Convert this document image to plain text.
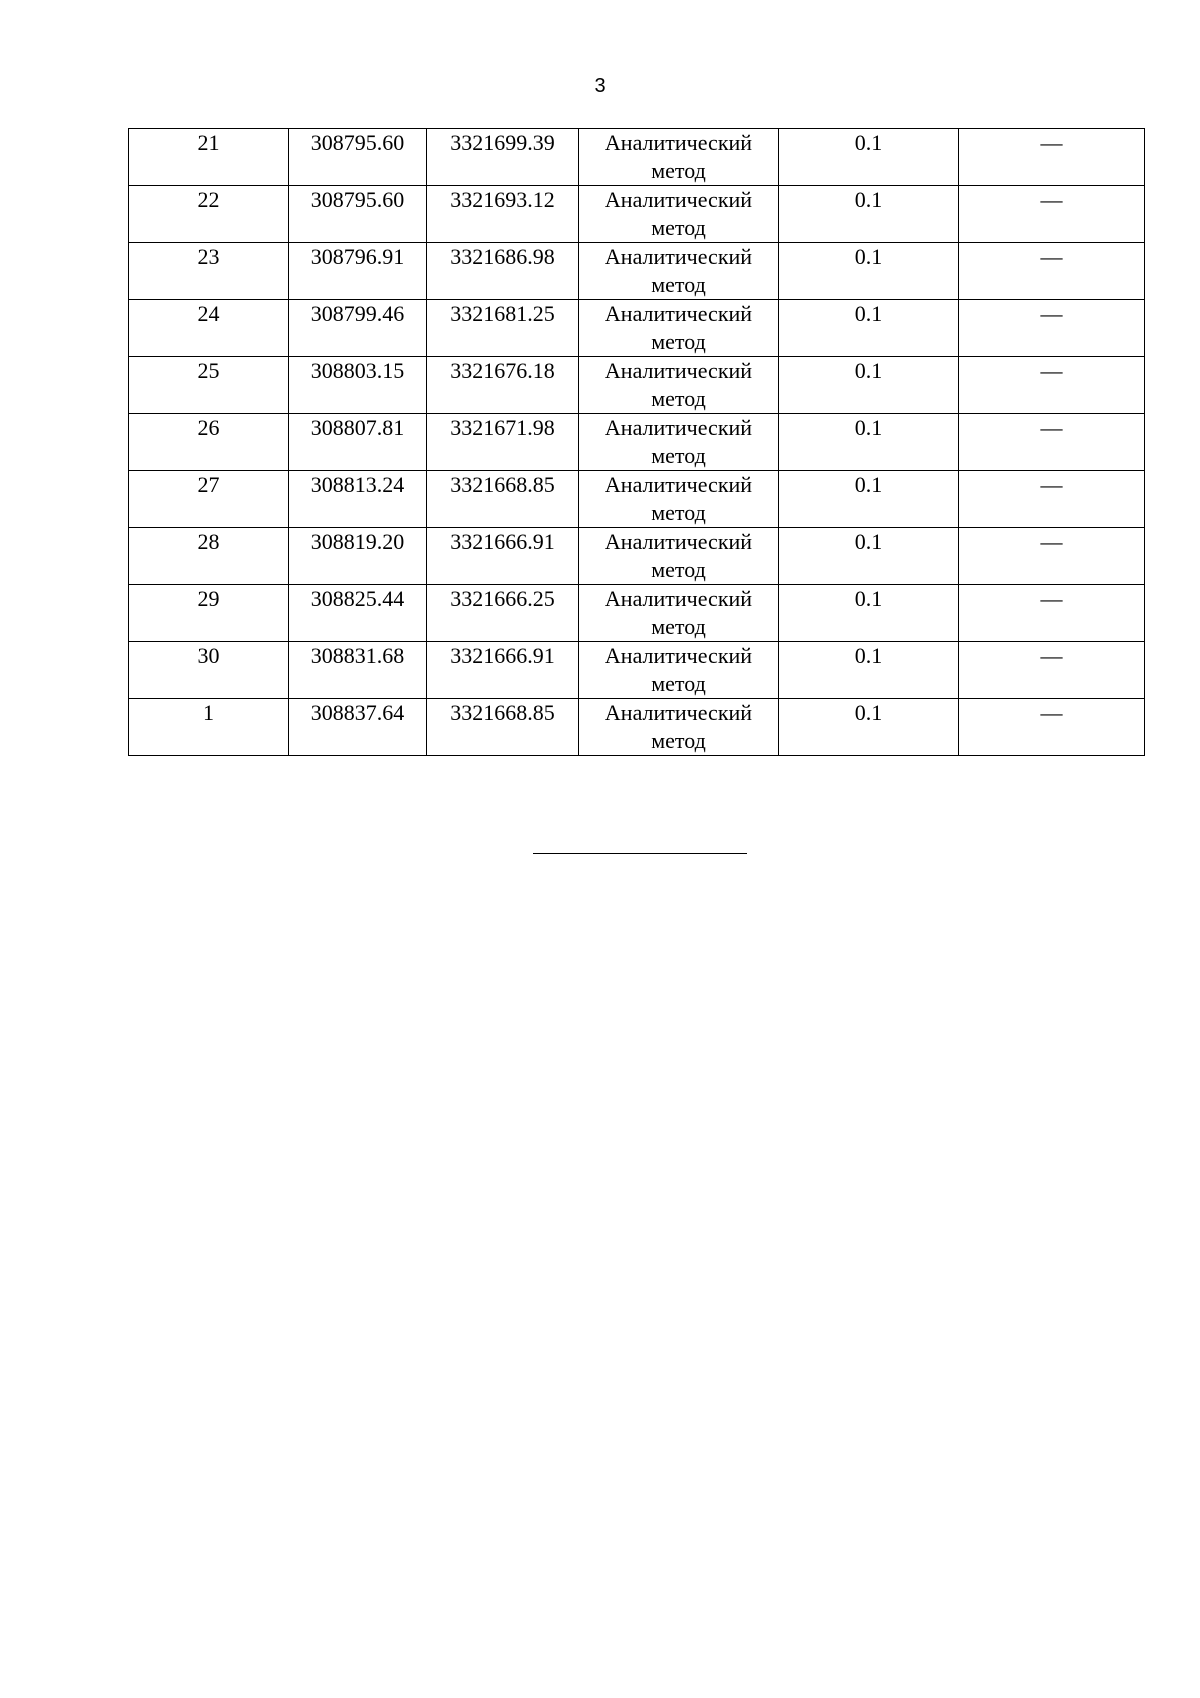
3
21	308795.60	3321699.39	Аналитический
метод	0.1	—
22	308795.60	3321693.12	Аналитический
метод	0.1	—
23	308796.91	3321686.98	Аналитический
метод	0.1	—
24	308799.46	3321681.25	Аналитический
метод	0.1	—
25	308803.15	3321676.18	Аналитический
метод	0.1	—
26	308807.81	3321671.98	Аналитический
метод	0.1	—
27	308813.24	3321668.85	Аналитический
метод	0.1	—
28	308819.20	3321666.91	Аналитический
метод	0.1	—
29	308825.44	3321666.25	Аналитический
метод	0.1	—
30	308831.68	3321666.91	Аналитический
метод	0.1	—
1	308837.64	3321668.85	Аналитический
метод	0.1	—
